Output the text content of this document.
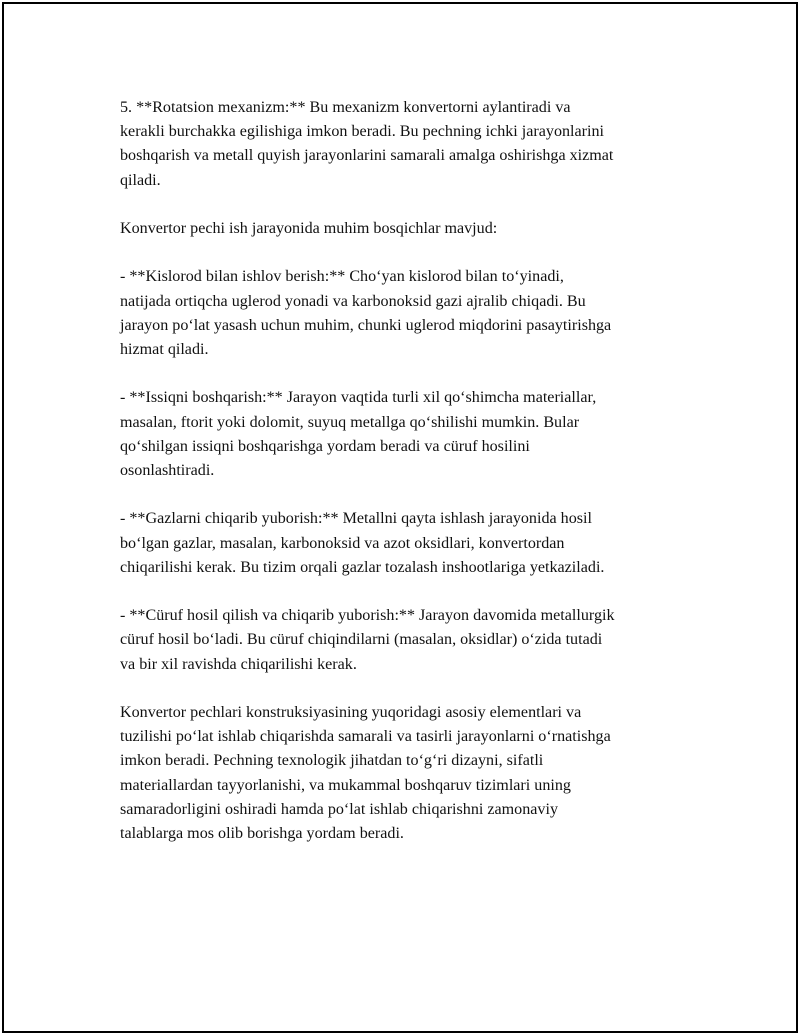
5. **Rotatsion mexanizm:** Bu mexanizm konvertorni aylantiradi va
kerakli burchakka egilishiga imkon beradi. Bu pechning ichki jarayonlarini
boshqarish va metall quyish jarayonlarini samarali amalga oshirishga xizmat
qiladi.

Konvertor pechi ish jarayonida muhim bosqichlar mavjud:

- **Kislorod bilan ishlov berish:** Cho‘yan kislorod bilan to‘yinadi,
natijada ortiqcha uglerod yonadi va karbonoksid gazi ajralib chiqadi. Bu
jarayon po‘lat yasash uchun muhim, chunki uglerod miqdorini pasaytirishga
hizmat qiladi.

- **Issiqni boshqarish:** Jarayon vaqtida turli xil qo‘shimcha materiallar,
masalan, ftorit yoki dolomit, suyuq metallga qo‘shilishi mumkin. Bular
qo‘shilgan issiqni boshqarishga yordam beradi va cüruf hosilini
osonlashtiradi.

- **Gazlarni chiqarib yuborish:** Metallni qayta ishlash jarayonida hosil
bo‘lgan gazlar, masalan, karbonoksid va azot oksidlari, konvertordan
chiqarilishi kerak. Bu tizim orqali gazlar tozalash inshootlariga yetkaziladi.

- **Cüruf hosil qilish va chiqarib yuborish:** Jarayon davomida metallurgik
cüruf hosil bo‘ladi. Bu cüruf chiqindilarni (masalan, oksidlar) o‘zida tutadi
va bir xil ravishda chiqarilishi kerak.

Konvertor pechlari konstruksiyasining yuqoridagi asosiy elementlari va
tuzilishi po‘lat ishlab chiqarishda samarali va tasirli jarayonlarni o‘rnatishga
imkon beradi. Pechning texnologik jihatdan to‘g‘ri dizayni, sifatli
materiallardan tayyorlanishi, va mukammal boshqaruv tizimlari uning
samaradorligini oshiradi hamda po‘lat ishlab chiqarishni zamonaviy
talablarga mos olib borishga yordam beradi.
